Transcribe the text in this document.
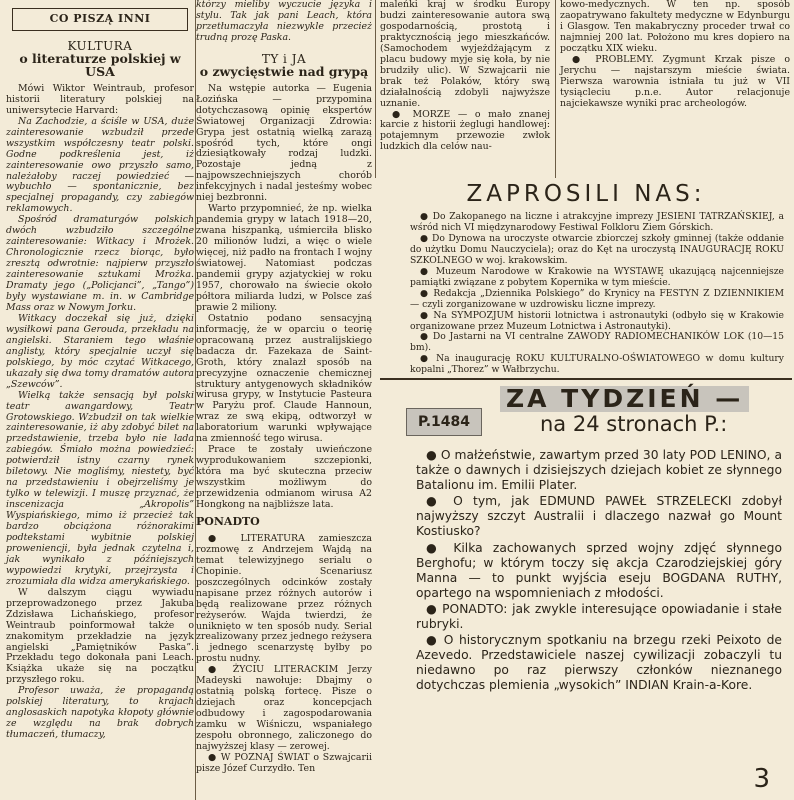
CO PISZĄ INNI
KULTURA
o literaturze polskiej w USA

Mówi Wiktor Weintraub, profesor historii literatury polskiej na uniwersytecie Harvard:

Na Zachodzie, a ściśle w USA, duże zainteresowanie wzbudził przede wszystkim współczesny teatr polski. Godne podkreślenia jest, iż zainteresowanie owo przyszło samo, należałoby raczej powiedzieć — wybuchło — spontanicznie, bez specjalnej propagandy, czy zabiegów reklamowych.

Spośród dramaturgów polskich dwóch wzbudziło szczególne zainteresowanie: Witkacy i Mrożek. Chronologicznie rzecz biorąc, było zresztą odwrotnie: najpierw przyszło zainteresowanie sztukami Mrożka. Dramaty jego („Policjanci”, „Tango”) były wystawiane m. in. w Cambridge Mass oraz w Nowym Jorku.

Witkacy doczekał się już, dzięki wysiłkowi pana Gerouda, przekładu na angielski. Staraniem tego właśnie anglisty, który specjalnie uczył się polskiego, by móc czytać Witkacego, ukazały się dwa tomy dramatów autora „Szewców”.

Wielką także sensacją był polski teatr awangardowy, Teatr Grotowskiego. Wzbudził on tak wielkie zainteresowanie, iż aby zdobyć bilet na przedstawienie, trzeba było nie lada zabiegów. Śmiało można powiedzieć: potwierdził istny czarny rynek biletowy. Nie mogliśmy, niestety, być na przedstawieniu i obejrzeliśmy je tylko w telewizji. I muszę przyznać, że inscenizacja „Akropolis” Wyspiańskiego, mimo iż przecież tak bardzo obciążona różnorakimi podtekstami wybitnie polskiej proweniencji, była jednak czytelna i, jak wynikało z późniejszych wypowiedzi krytyki, przejrzysta i zrozumiała dla widza amerykańskiego.

W dalszym ciągu wywiadu przeprowadzonego przez Jakuba Zdzisława Lichańskiego, profesor Weintraub poinformował także o znakomitym przekładzie na język angielski „Pamiętników Paska”. Przekładu tego dokonała pani Leach. Książka ukaże się na początku przyszłego roku.

Profesor uważa, że propagandą polskiej literatury, to krajach anglosaskich napotyka kłopoty głównie ze względu na brak dobrych tłumaczeń, tłumaczy,

którzy mieliby wyczucie języka i stylu. Tak jak pani Leach, która przetłumaczyła niezwykle przecież trudną prozę Paska.

TY i JA
o zwycięstwie nad grypą

Na wstępie autorka — Eugenia Łozińska — przypomina dotychczasową opinię ekspertów Światowej Organizacji Zdrowia: Grypa jest ostatnią wielką zarazą spośród tych, które ongi dziesiątkowały rodzaj ludzki. Pozostaje jedną z najpowszechniejszych chorób infekcyjnych i nadal jesteśmy wobec niej bezbronni.

Warto przypomnieć, że np. wielka pandemia grypy w latach 1918—20, zwana hiszpanką, uśmierciła blisko 20 milionów ludzi, a więc o wiele więcej, niż padło na frontach I wojny światowej. Natomiast podczas pandemii grypy azjatyckiej w roku 1957, chorowało na świecie około półtora miliarda ludzi, w Polsce zaś prawie 2 miliony.

Ostatnio podano sensacyjną informację, że w oparciu o teorię opracowaną przez australijskiego badacza dr. Fazekaza de Saint-Groth, który znalazł sposób na precyzyjne oznaczenie chemicznej struktury antygenowych składników wirusa grypy, w Instytucie Pasteura w Paryżu prof. Claude Hannoun, wraz ze swą ekipą, odtworzył w laboratorium warunki wpływające na zmienność tego wirusa.

Prace te zostały uwieńczone wyprodukowaniem szczepionki, która ma być skuteczna przeciw wszystkim możliwym do przewidzenia odmianom wirusa A2 Hongkong na najbliższe lata.

PONADTO

● LITERATURA zamieszcza rozmowę z Andrzejem Wajdą na temat telewizyjnego serialu o Chopinie. Scenariusz poszczególnych odcinków zostały napisane przez różnych autorów i będą realizowane przez różnych reżyserów. Wajda twierdzi, że unikniętо w ten sposób nudy. Serial zrealizowany przez jednego reżysera i jednego scenarzystę byłby po prostu nudny.

● ŻYCIU LITERACKIM Jerzy Madeyski nawołuje: Dbajmy o ostatnią polską fortecę. Pisze o dziejach oraz koncepcjach odbudowy i zagospodarowania zamku w Wiśniczu, wspaniałego zespołu obronnego, zaliczonego do najwyższej klasy — zerowej.

● W POZNAJ ŚWIAT o Szwajcarii pisze Józef Curzydło. Ten

maleńki kraj w środku Europy budzi zainteresowanie autora swą gospodarnością, prostotą i praktycznością jego mieszkańców. (Samochodem wyjeżdżającym z placu budowy myje się koła, by nie brudziły ulic). W Szwajcarii nie brak też Polaków, który swą działalnością zdobyli najwyższe uznanie.

● MORZE — o mało znanej karcie z historii żeglugi handlowej: potajemnym przewozie zwłok ludzkich dla celów nau-

kowo-medycznych. W ten np. sposób zaopatrywano fakultety medyczne w Edynburgu i Glasgow. Ten makabryczny proceder trwał co najmniej 200 lat. Położono mu kres dopiero na początku XIX wieku.

● PROBLEMY. Zygmunt Krzak pisze o Jerychu — najstarszym mieście świata. Pierwsza warownia istniała tu już w VII tysiącleciu p.n.e. Autor relacjonuje najciekawsze wyniki prac archeologów.

ZAPROSILI NAS:

● Do Zakopanego na liczne i atrakcyjne imprezy JESIENI TATRZAŃSKIEJ, a wśród nich VI międzynarodowy Festiwal Folkloru Ziem Górskich.

● Do Dynowa na uroczyste otwarcie zbiorczej szkoły gminnej (także oddanie do użytku Domu Nauczyciela); oraz do Kęt na uroczystą INAUGURACJĘ ROKU SZKOLNEGO w woj. krakowskim.

● Muzeum Narodowe w Krakowie na WYSTAWĘ ukazującą najcenniejsze pamiątki związane z pobytem Kopernika w tym mieście.

● Redakcja „Dziennika Polskiego” do Krynicy na FESTYN Z DZIENNIKIEM — czyli zorganizowane w uzdrowisku liczne imprezy.

● Na SYMPOZJUM historii lotnictwa i astronautyki (odbyło się w Krakowie organizowane przez Muzeum Lotnictwa i Astronautyki).

● Do Jastarni na VI centralne ZAWODY RADIOMECHANIKÓW LOK (10—15 bm).

● Na inaugurację ROKU KULTURALNO-OŚWIATOWEGO w domu kultury kopalni „Thorez” w Wałbrzychu.

P.1484
ZA TYDZIEŃ —
na 24 stronach P.:

● O małżeństwie, zawartym przed 30 laty POD LENINO, a także o dawnych i dzisiejszych dziejach kobiet ze słynnego Batalionu im. Emilii Plater.

● O tym, jak EDMUND PAWEŁ STRZELECKI zdobył najwyższy szczyt Australii i dlaczego nazwał go Mount Kostiusko?

● Kilka zachowanych sprzed wojny zdjęć słynnego Berghofu; w którym toczy się akcja Czarodziejskiej góry Manna — to punkt wyjścia eseju BOGDANA RUTHY, opartego na wspomnieniach z młodości.

● PONADTO: jak zwykle interesujące opowiadanie i stałe rubryki.

● O historycznym spotkaniu na brzegu rzeki Peixoto de Azevedo. Przedstawiciele naszej cywilizacji zobaczyli tu niedawno po raz pierwszy członków nieznanego dotychczas plemienia „wysokich” INDIAN Krain-a-Kore.

3
